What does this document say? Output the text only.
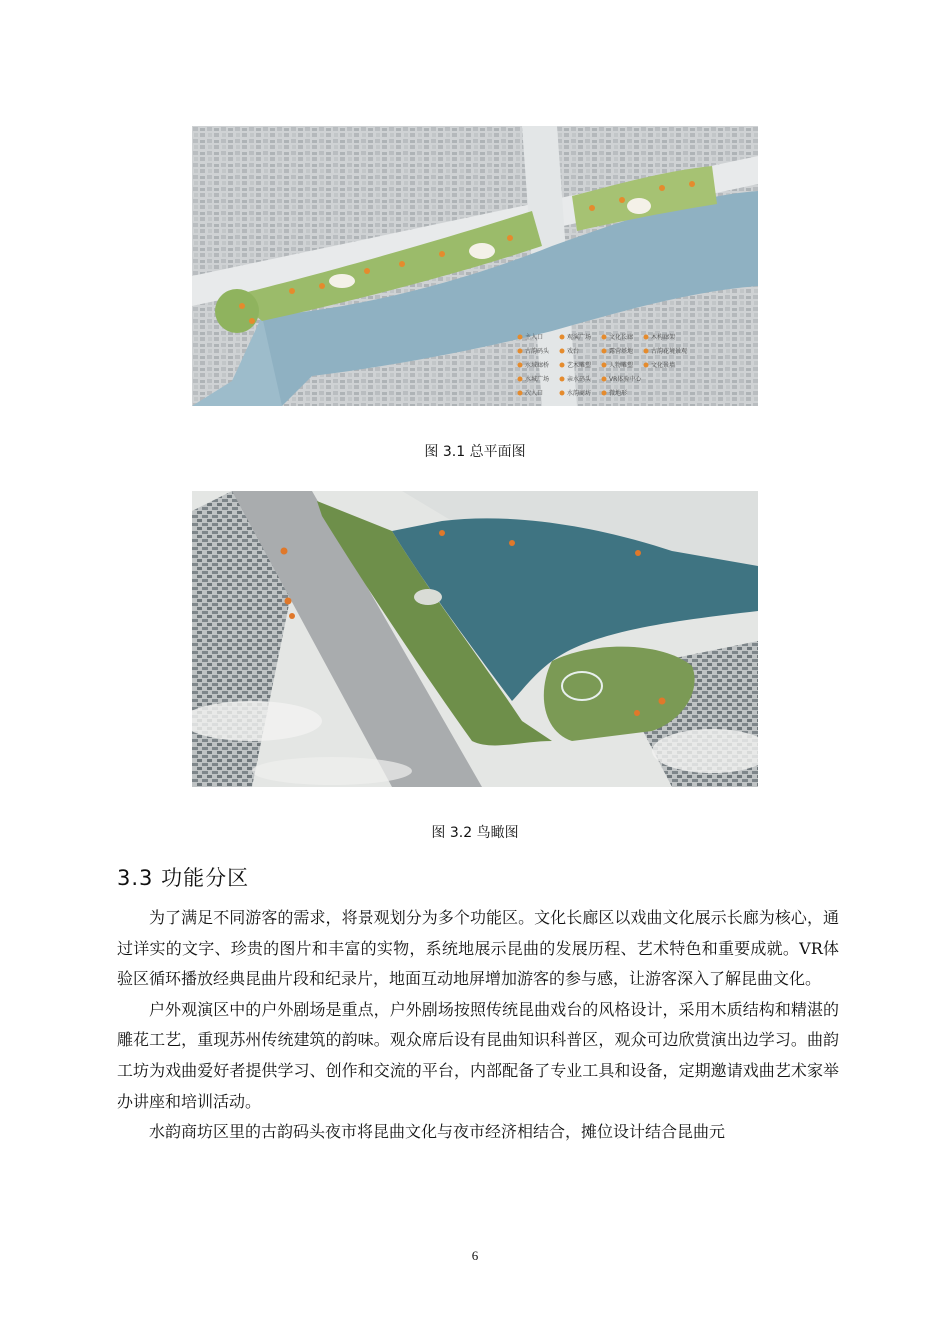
主入口	观演广场	文化长廊	木构廊架
古韵码头	戏台	露营基地	古韵花境景观
水域廊桥	艺术雕塑	人物雕塑	文化景墙
水城广场	亲水码头	VR体验中心
次入口	水韵商坊	微地形
图 3.1 总平面图
图 3.2 鸟瞰图
3.3 功能分区

为了满足不同游客的需求，将景观划分为多个功能区。文化长廊区以戏曲文化展示长廊为核心，通过详实的文字、珍贵的图片和丰富的实物，系统地展示昆曲的发展历程、艺术特色和重要成就。VR体验区循环播放经典昆曲片段和纪录片，地面互动地屏增加游客的参与感，让游客深入了解昆曲文化。

户外观演区中的户外剧场是重点，户外剧场按照传统昆曲戏台的风格设计，采用木质结构和精湛的雕花工艺，重现苏州传统建筑的韵味。观众席后设有昆曲知识科普区，观众可边欣赏演出边学习。曲韵工坊为戏曲爱好者提供学习、创作和交流的平台，内部配备了专业工具和设备，定期邀请戏曲艺术家举办讲座和培训活动。

水韵商坊区里的古韵码头夜市将昆曲文化与夜市经济相结合，摊位设计结合昆曲元

6
